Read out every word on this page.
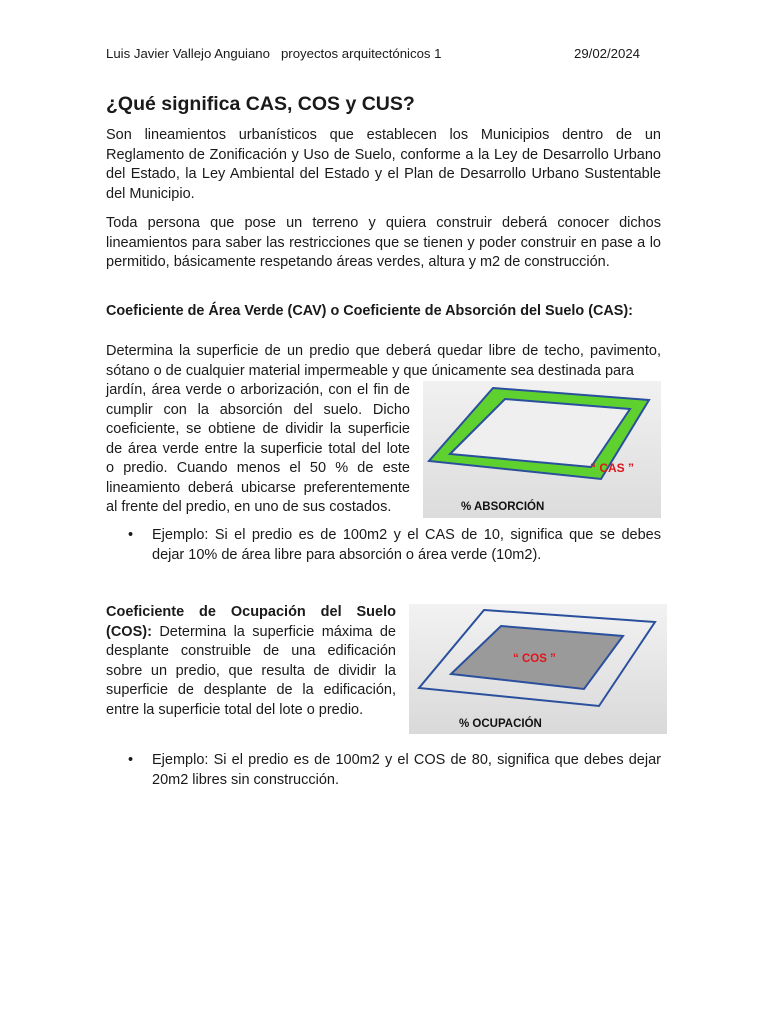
Luis Javier Vallejo Anguiano   proyectos arquitectónicos 1	29/02/2024
¿Qué significa CAS, COS y CUS?

Son lineamientos urbanísticos que establecen los Municipios dentro de un Reglamento de Zonificación y Uso de Suelo, conforme a la Ley de Desarrollo Urbano del Estado, la Ley Ambiental del Estado y el Plan de Desarrollo Urbano Sustentable del Municipio.

Toda persona que pose un terreno y quiera construir deberá conocer dichos lineamientos para saber las restricciones que se tienen y poder construir en pase a lo permitido, básicamente respetando áreas verdes, altura y m2 de construcción.

Coeficiente de Área Verde (CAV) o Coeficiente de Absorción del Suelo (CAS):

Determina la superficie de un predio que deberá quedar libre de techo, pavimento, sótano o de cualquier material impermeable y que únicamente sea destinada para

jardín, área verde o arborización, con el fin de
cumplir con la absorción del suelo. Dicho
coeficiente, se obtiene de dividir la superficie
de área verde entre la superficie total del lote
o predio. Cuando menos el 50 % de este
lineamiento deberá ubicarse preferentemente
al frente del predio, en uno de sus costados.
“ CAS ”
% ABSORCIÓN
•	Ejemplo: Si el predio es de 100m2 y el CAS de 10, significa que se debes dejar 10% de área libre para absorción o área verde (10m2).
Coeficiente de Ocupación del Suelo
(COS): Determina la superficie máxima de
desplante construible de una edificación
sobre un predio, que resulta de dividir la
superficie de desplante de la edificación,
entre la superficie total del lote o predio.
“ COS ”
% OCUPACIÓN
•	Ejemplo: Si el predio es de 100m2 y el COS de 80, significa que debes dejar 20m2 libres sin construcción.
